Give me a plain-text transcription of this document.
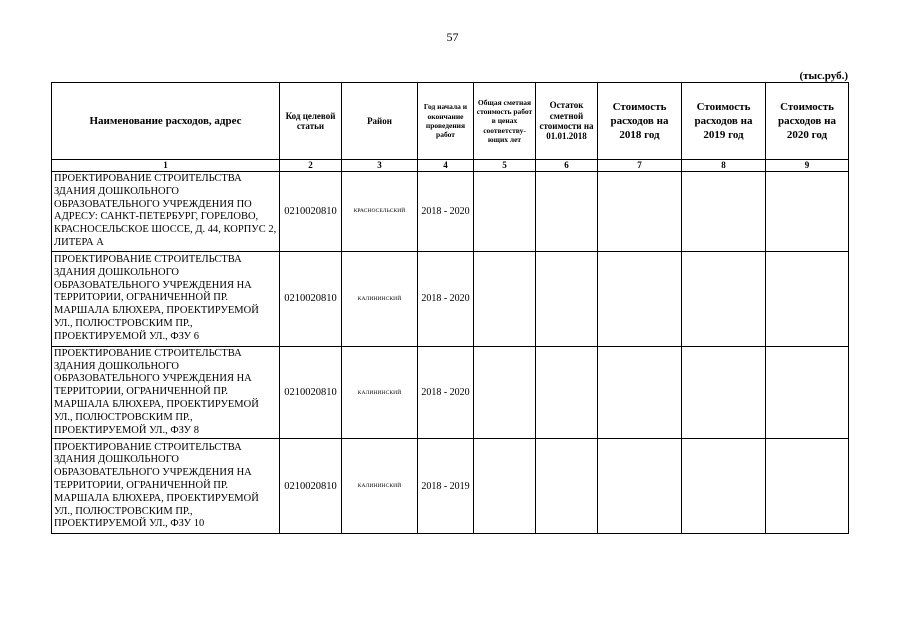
57
(тыс.руб.)
Наименование расходов, адрес	Код целевой статьи	Район	Год начала и окончание проведения работ	Общая сметная стоимость работ в ценах соответству-ющих лет	Остаток сметной стоимости на 01.01.2018	Стоимость расходов на 2018 год	Стоимость расходов на 2019 год	Стоимость расходов на 2020 год
1	2	3	4	5	6	7	8	9
ПРОЕКТИРОВАНИЕ СТРОИТЕЛЬСТВА ЗДАНИЯ ДОШКОЛЬНОГО ОБРАЗОВАТЕЛЬНОГО УЧРЕЖДЕНИЯ ПО АДРЕСУ: САНКТ-ПЕТЕРБУРГ, ГОРЕЛОВО, КРАСНОСЕЛЬСКОЕ ШОССЕ, Д. 44, КОРПУС 2, ЛИТЕРА А	0210020810	КРАСНОСЕЛЬСКИЙ	2018 - 2020					
ПРОЕКТИРОВАНИЕ СТРОИТЕЛЬСТВА ЗДАНИЯ ДОШКОЛЬНОГО ОБРАЗОВАТЕЛЬНОГО УЧРЕЖДЕНИЯ НА ТЕРРИТОРИИ, ОГРАНИЧЕННОЙ ПР. МАРШАЛА БЛЮХЕРА, ПРОЕКТИРУЕМОЙ УЛ., ПОЛЮСТРОВСКИМ ПР., ПРОЕКТИРУЕМОЙ УЛ., ФЗУ 6	0210020810	КАЛИНИНСКИЙ	2018 - 2020					
ПРОЕКТИРОВАНИЕ СТРОИТЕЛЬСТВА ЗДАНИЯ ДОШКОЛЬНОГО ОБРАЗОВАТЕЛЬНОГО УЧРЕЖДЕНИЯ НА ТЕРРИТОРИИ, ОГРАНИЧЕННОЙ ПР. МАРШАЛА БЛЮХЕРА, ПРОЕКТИРУЕМОЙ УЛ., ПОЛЮСТРОВСКИМ ПР., ПРОЕКТИРУЕМОЙ УЛ., ФЗУ 8	0210020810	КАЛИНИНСКИЙ	2018 - 2020					
ПРОЕКТИРОВАНИЕ СТРОИТЕЛЬСТВА ЗДАНИЯ ДОШКОЛЬНОГО ОБРАЗОВАТЕЛЬНОГО УЧРЕЖДЕНИЯ НА ТЕРРИТОРИИ, ОГРАНИЧЕННОЙ ПР. МАРШАЛА БЛЮХЕРА, ПРОЕКТИРУЕМОЙ УЛ., ПОЛЮСТРОВСКИМ ПР., ПРОЕКТИРУЕМОЙ УЛ., ФЗУ 10	0210020810	КАЛИНИНСКИЙ	2018 - 2019					
